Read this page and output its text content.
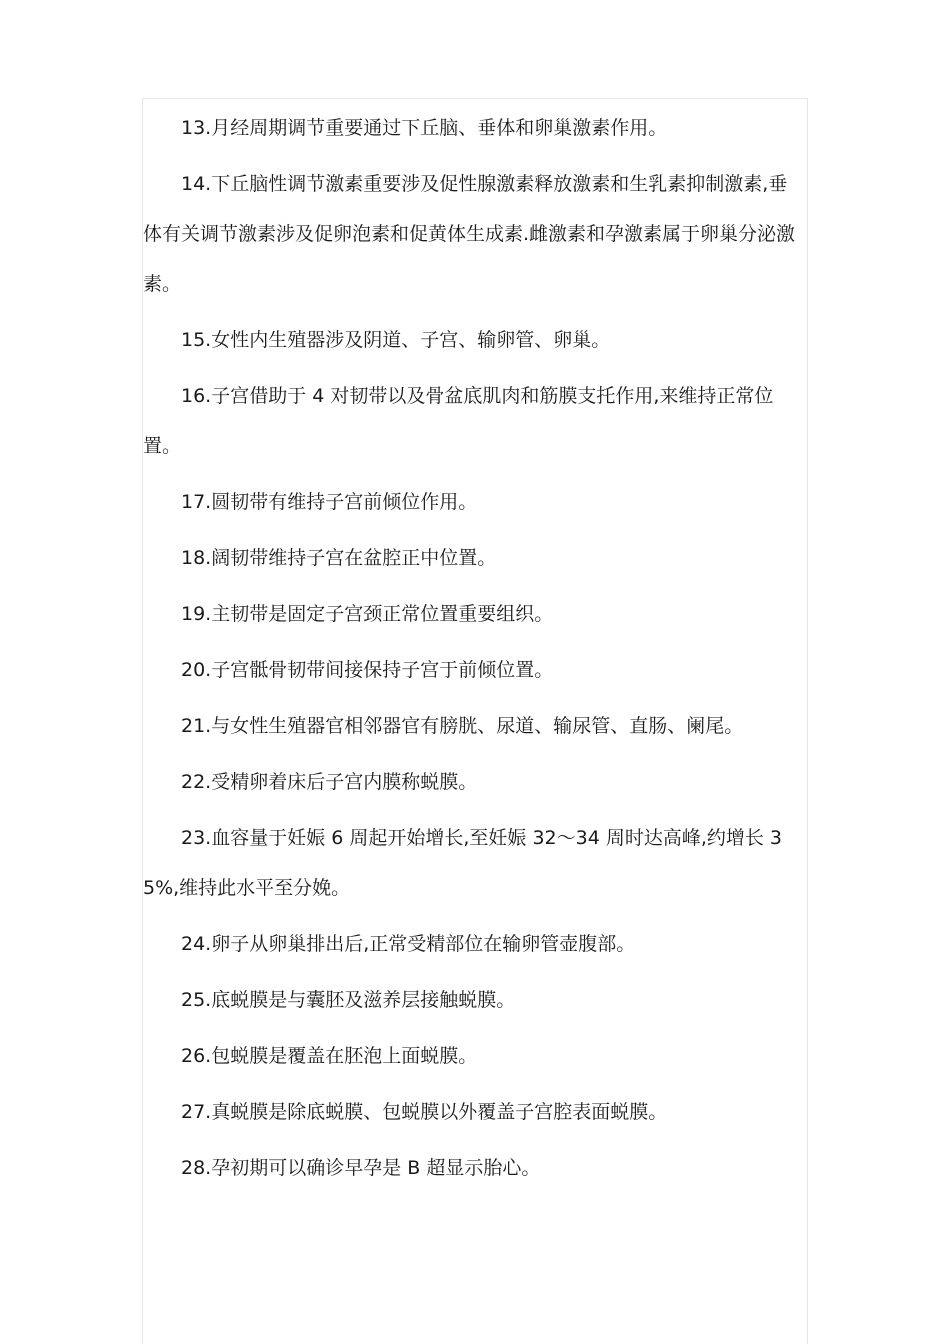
13.月经周期调节重要通过下丘脑、垂体和卵巢激素作用。

14.下丘脑性调节激素重要涉及促性腺激素释放激素和生乳素抑制激素,垂体有关调节激素涉及促卵泡素和促黄体生成素.雌激素和孕激素属于卵巢分泌激素。

15.女性内生殖器涉及阴道、子宫、输卵管、卵巢。

16.子宫借助于 4 对韧带以及骨盆底肌肉和筋膜支托作用,来维持正常位置。

17.圆韧带有维持子宫前倾位作用。

18.阔韧带维持子宫在盆腔正中位置。

19.主韧带是固定子宫颈正常位置重要组织。

20.子宫骶骨韧带间接保持子宫于前倾位置。

21.与女性生殖器官相邻器官有膀胱、尿道、输尿管、直肠、阑尾。

22.受精卵着床后子宫内膜称蜕膜。

23.血容量于妊娠 6 周起开始增长,至妊娠 32～34 周时达高峰,约增长 35%,维持此水平至分娩。

24.卵子从卵巢排出后,正常受精部位在输卵管壶腹部。

25.底蜕膜是与囊胚及滋养层接触蜕膜。

26.包蜕膜是覆盖在胚泡上面蜕膜。

27.真蜕膜是除底蜕膜、包蜕膜以外覆盖子宫腔表面蜕膜。

28.孕初期可以确诊早孕是 B 超显示胎心。
